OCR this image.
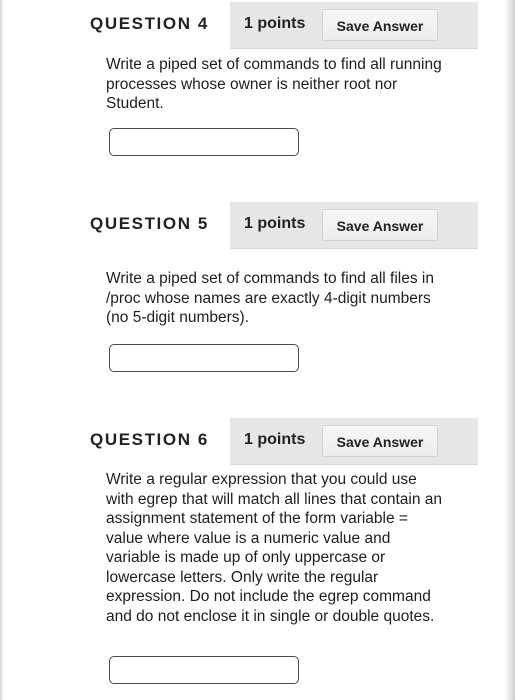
QUESTION 4 1 points	Save Answer
Write a piped set of commands to find all running processes whose owner is neither root nor Student.
QUESTION 5 1 points	Save Answer
Write a piped set of commands to find all files in /proc whose names are exactly 4-digit numbers (no 5-digit numbers).
QUESTION 6 1 points	Save Answer
Write a regular expression that you could use with egrep that will match all lines that contain an assignment statement of the form variable = value where value is a numeric value and variable is made up of only uppercase or lowercase letters. Only write the regular expression. Do not include the egrep command and do not enclose it in single or double quotes.
